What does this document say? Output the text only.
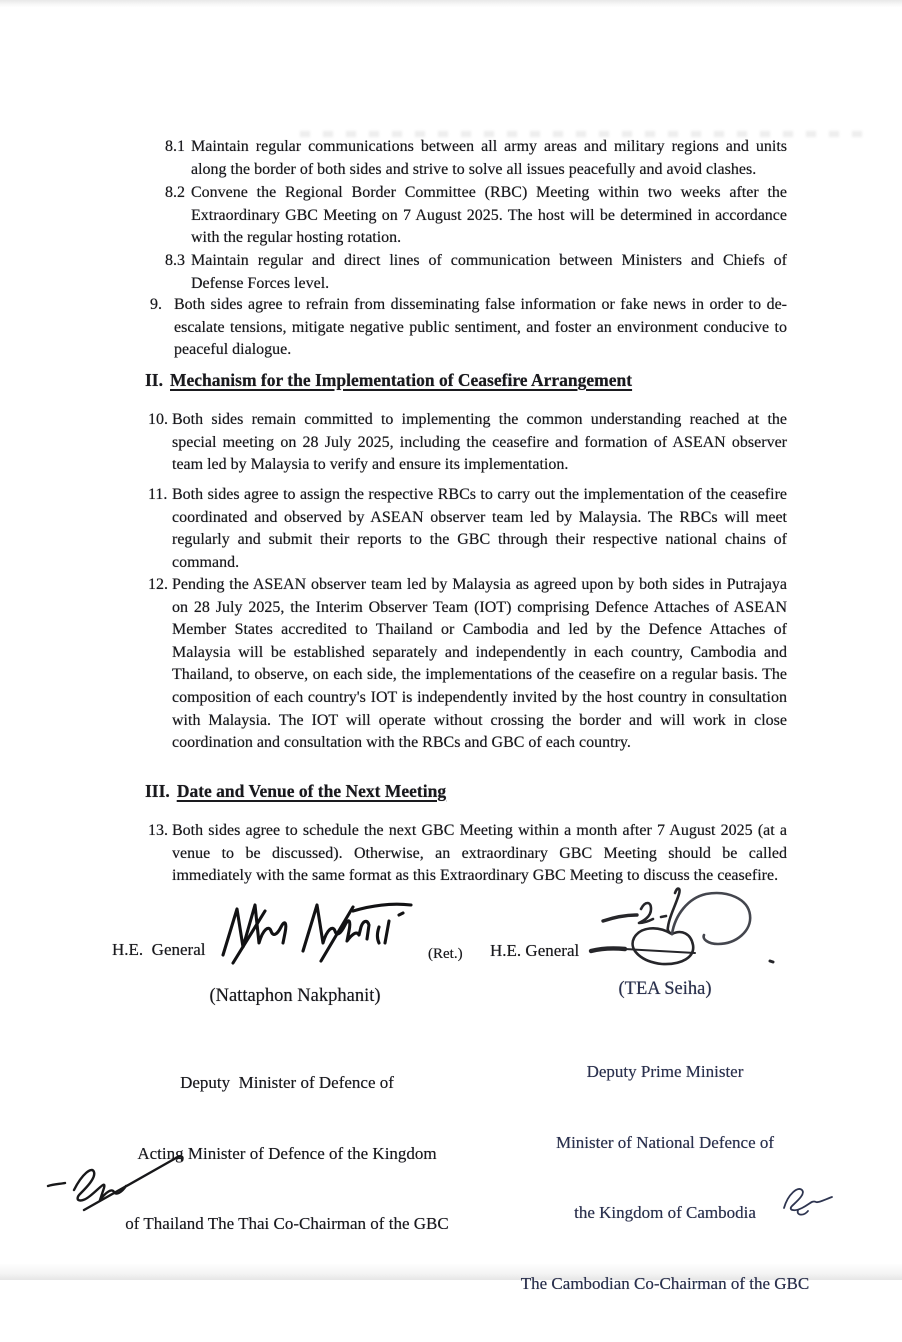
8.1 Maintain regular communications between all army areas and military regions and units along the border of both sides and strive to solve all issues peacefully and avoid clashes.
8.2 Convene the Regional Border Committee (RBC) Meeting within two weeks after the Extraordinary GBC Meeting on 7 August 2025. The host will be determined in accordance with the regular hosting rotation.
8.3 Maintain regular and direct lines of communication between Ministers and Chiefs of Defense Forces level.
9. Both sides agree to refrain from disseminating false information or fake news in order to de-escalate tensions, mitigate negative public sentiment, and foster an environment conducive to peaceful dialogue.
II. Mechanism for the Implementation of Ceasefire Arrangement
10. Both sides remain committed to implementing the common understanding reached at the special meeting on 28 July 2025, including the ceasefire and formation of ASEAN observer team led by Malaysia to verify and ensure its implementation.
11. Both sides agree to assign the respective RBCs to carry out the implementation of the ceasefire coordinated and observed by ASEAN observer team led by Malaysia. The RBCs will meet regularly and submit their reports to the GBC through their respective national chains of command.
12. Pending the ASEAN observer team led by Malaysia as agreed upon by both sides in Putrajaya on 28 July 2025, the Interim Observer Team (IOT) comprising Defence Attaches of ASEAN Member States accredited to Thailand or Cambodia and led by the Defence Attaches of Malaysia will be established separately and independently in each country, Cambodia and Thailand, to observe, on each side, the implementations of the ceasefire on a regular basis. The composition of each country's IOT is independently invited by the host country in consultation with Malaysia. The IOT will operate without crossing the border and will work in close coordination and consultation with the RBCs and GBC of each country.
III. Date and Venue of the Next Meeting
13. Both sides agree to schedule the next GBC Meeting within a month after 7 August 2025 (at a venue to be discussed). Otherwise, an extraordinary GBC Meeting should be called immediately with the same format as this Extraordinary GBC Meeting to discuss the ceasefire.
H.E.  General	(Ret.) H.E. General
(Nattaphon Nakphanit)	(TEA Seiha)

Deputy  Minister of Defence of

Acting Minister of Defence of the Kingdom

of Thailand The Thai Co-Chairman of the GBC

Deputy Prime Minister

Minister of National Defence of

the Kingdom of Cambodia

The Cambodian Co-Chairman of the GBC
